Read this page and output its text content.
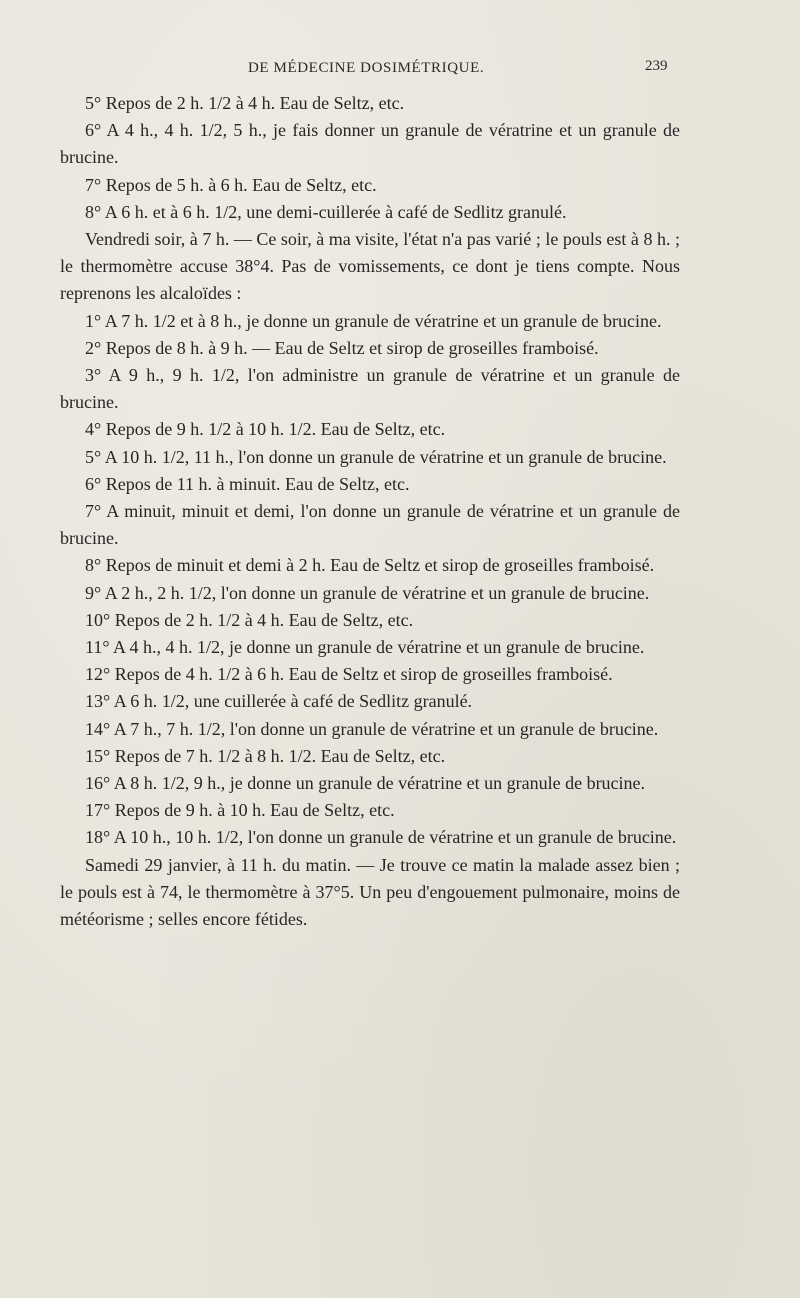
DE MÉDECINE DOSIMÉTRIQUE.	239

5° Repos de 2 h. 1/2 à 4 h. Eau de Seltz, etc.

6° A 4 h., 4 h. 1/2, 5 h., je fais donner un granule de vératrine et un granule de brucine.

7° Repos de 5 h. à 6 h. Eau de Seltz, etc.

8° A 6 h. et à 6 h. 1/2, une demi-cuillerée à café de Sedlitz granulé.

Vendredi soir, à 7 h. — Ce soir, à ma visite, l'état n'a pas varié ; le pouls est à 8 h. ; le thermomètre accuse 38°4. Pas de vomissements, ce dont je tiens compte. Nous reprenons les alcaloïdes :

1° A 7 h. 1/2 et à 8 h., je donne un granule de vératrine et un granule de brucine.

2° Repos de 8 h. à 9 h. — Eau de Seltz et sirop de groseilles framboisé.

3° A 9 h., 9 h. 1/2, l'on administre un granule de vératrine et un granule de brucine.

4° Repos de 9 h. 1/2 à 10 h. 1/2. Eau de Seltz, etc.

5° A 10 h. 1/2, 11 h., l'on donne un granule de vératrine et un granule de brucine.

6° Repos de 11 h. à minuit. Eau de Seltz, etc.

7° A minuit, minuit et demi, l'on donne un granule de vératrine et un granule de brucine.

8° Repos de minuit et demi à 2 h. Eau de Seltz et sirop de groseilles framboisé.

9° A 2 h., 2 h. 1/2, l'on donne un granule de vératrine et un granule de brucine.

10° Repos de 2 h. 1/2 à 4 h. Eau de Seltz, etc.

11° A 4 h., 4 h. 1/2, je donne un granule de vératrine et un granule de brucine.

12° Repos de 4 h. 1/2 à 6 h. Eau de Seltz et sirop de groseilles framboisé.

13° A 6 h. 1/2, une cuillerée à café de Sedlitz granulé.

14° A 7 h., 7 h. 1/2, l'on donne un granule de vératrine et un granule de brucine.

15° Repos de 7 h. 1/2 à 8 h. 1/2. Eau de Seltz, etc.

16° A 8 h. 1/2, 9 h., je donne un granule de vératrine et un granule de brucine.

17° Repos de 9 h. à 10 h. Eau de Seltz, etc.

18° A 10 h., 10 h. 1/2, l'on donne un granule de vératrine et un granule de brucine.

Samedi 29 janvier, à 11 h. du matin. — Je trouve ce matin la malade assez bien ; le pouls est à 74, le thermomètre à 37°5. Un peu d'engouement pulmonaire, moins de météorisme ; selles encore fétides.
